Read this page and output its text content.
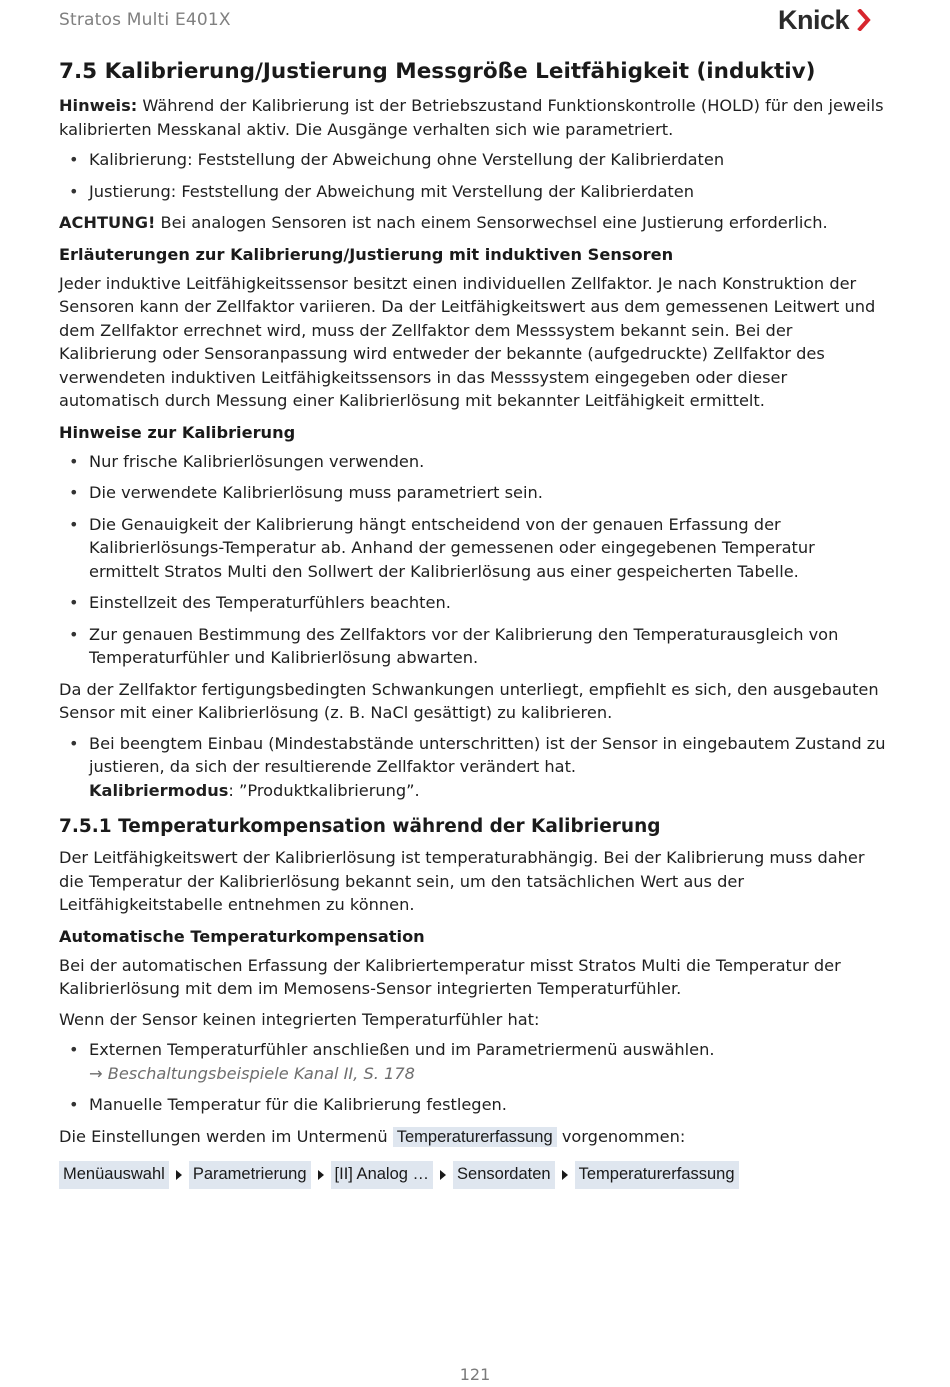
Stratos Multi E401X	Knick
7.5 Kalibrierung/Justierung Messgröße Leitfähigkeit (induktiv)

Hinweis: Während der Kalibrierung ist der Betriebszustand Funktionskontrolle (HOLD) für den jeweils kalibrierten Messkanal aktiv. Die Ausgänge verhalten sich wie parametriert.

• Kalibrierung: Feststellung der Abweichung ohne Verstellung der Kalibrierdaten
• Justierung: Feststellung der Abweichung mit Verstellung der Kalibrierdaten

ACHTUNG! Bei analogen Sensoren ist nach einem Sensorwechsel eine Justierung erforderlich.

Erläuterungen zur Kalibrierung/Justierung mit induktiven Sensoren

Jeder induktive Leitfähigkeitssensor besitzt einen individuellen Zellfaktor. Je nach Konstruktion der Sensoren kann der Zellfaktor variieren. Da der Leitfähigkeitswert aus dem gemessenen Leitwert und dem Zellfaktor errechnet wird, muss der Zellfaktor dem Messsystem bekannt sein. Bei der Kalibrierung oder Sensoranpassung wird entweder der bekannte (aufgedruckte) Zellfaktor des verwendeten induktiven Leitfähigkeitssensors in das Messsystem eingegeben oder dieser automatisch durch Messung einer Kalibrierlösung mit bekannter Leitfähigkeit ermittelt.

Hinweise zur Kalibrierung
• Nur frische Kalibrierlösungen verwenden.
• Die verwendete Kalibrierlösung muss parametriert sein.
• Die Genauigkeit der Kalibrierung hängt entscheidend von der genauen Erfassung der Kalibrierlösungs-Temperatur ab. Anhand der gemessenen oder eingegebenen Temperatur ermittelt Stratos Multi den Sollwert der Kalibrierlösung aus einer gespeicherten Tabelle.
• Einstellzeit des Temperaturfühlers beachten.
• Zur genauen Bestimmung des Zellfaktors vor der Kalibrierung den Temperaturausgleich von Temperaturfühler und Kalibrierlösung abwarten.

Da der Zellfaktor fertigungsbedingten Schwankungen unterliegt, empfiehlt es sich, den ausgebauten Sensor mit einer Kalibrierlösung (z. B. NaCl gesättigt) zu kalibrieren.

• Bei beengtem Einbau (Mindestabstände unterschritten) ist der Sensor in eingebautem Zustand zu justieren, da sich der resultierende Zellfaktor verändert hat.
Kalibriermodus: ”Produktkalibrierung”.
7.5.1 Temperaturkompensation während der Kalibrierung

Der Leitfähigkeitswert der Kalibrierlösung ist temperaturabhängig. Bei der Kalibrierung muss daher die Temperatur der Kalibrierlösung bekannt sein, um den tatsächlichen Wert aus der Leitfähigkeitstabelle entnehmen zu können.

Automatische Temperaturkompensation

Bei der automatischen Erfassung der Kalibriertemperatur misst Stratos Multi die Temperatur der Kalibrierlösung mit dem im Memosens-Sensor integrierten Temperaturfühler.

Wenn der Sensor keinen integrierten Temperaturfühler hat:

• Externen Temperaturfühler anschließen und im Parametriermenü auswählen.
→ Beschaltungsbeispiele Kanal II, S. 178
• Manuelle Temperatur für die Kalibrierung festlegen.

Die Einstellungen werden im Untermenü Temperaturerfassung vorgenommen:

Menüauswahl Parametrierung [II] Analog … Sensordaten Temperaturerfassung
121
